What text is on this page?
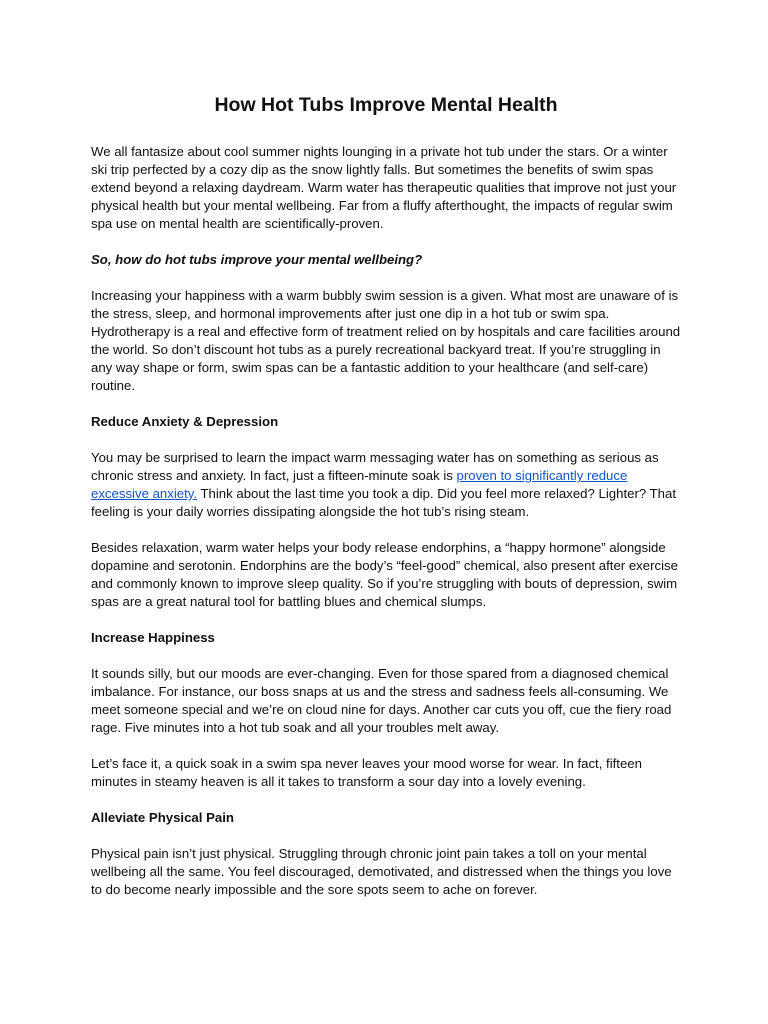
How Hot Tubs Improve Mental Health

We all fantasize about cool summer nights lounging in a private hot tub under the stars. Or a winter ski trip perfected by a cozy dip as the snow lightly falls. But sometimes the benefits of swim spas extend beyond a relaxing daydream. Warm water has therapeutic qualities that improve not just your physical health but your mental wellbeing. Far from a fluffy afterthought, the impacts of regular swim spa use on mental health are scientifically-proven.

So, how do hot tubs improve your mental wellbeing?

Increasing your happiness with a warm bubbly swim session is a given. What most are unaware of is the stress, sleep, and hormonal improvements after just one dip in a hot tub or swim spa. Hydrotherapy is a real and effective form of treatment relied on by hospitals and care facilities around the world. So don’t discount hot tubs as a purely recreational backyard treat. If you’re struggling in any way shape or form, swim spas can be a fantastic addition to your healthcare (and self-care) routine.

Reduce Anxiety & Depression

You may be surprised to learn the impact warm messaging water has on something as serious as chronic stress and anxiety. In fact, just a fifteen-minute soak is proven to significantly reduce excessive anxiety. Think about the last time you took a dip. Did you feel more relaxed? Lighter? That feeling is your daily worries dissipating alongside the hot tub’s rising steam.

Besides relaxation, warm water helps your body release endorphins, a “happy hormone” alongside dopamine and serotonin. Endorphins are the body’s “feel-good” chemical, also present after exercise and commonly known to improve sleep quality. So if you’re struggling with bouts of depression, swim spas are a great natural tool for battling blues and chemical slumps.

Increase Happiness

It sounds silly, but our moods are ever-changing. Even for those spared from a diagnosed chemical imbalance. For instance, our boss snaps at us and the stress and sadness feels all-consuming. We meet someone special and we’re on cloud nine for days. Another car cuts you off, cue the fiery road rage. Five minutes into a hot tub soak and all your troubles melt away.

Let’s face it, a quick soak in a swim spa never leaves your mood worse for wear. In fact, fifteen minutes in steamy heaven is all it takes to transform a sour day into a lovely evening.

Alleviate Physical Pain

Physical pain isn’t just physical. Struggling through chronic joint pain takes a toll on your mental wellbeing all the same. You feel discouraged, demotivated, and distressed when the things you love to do become nearly impossible and the sore spots seem to ache on forever.
